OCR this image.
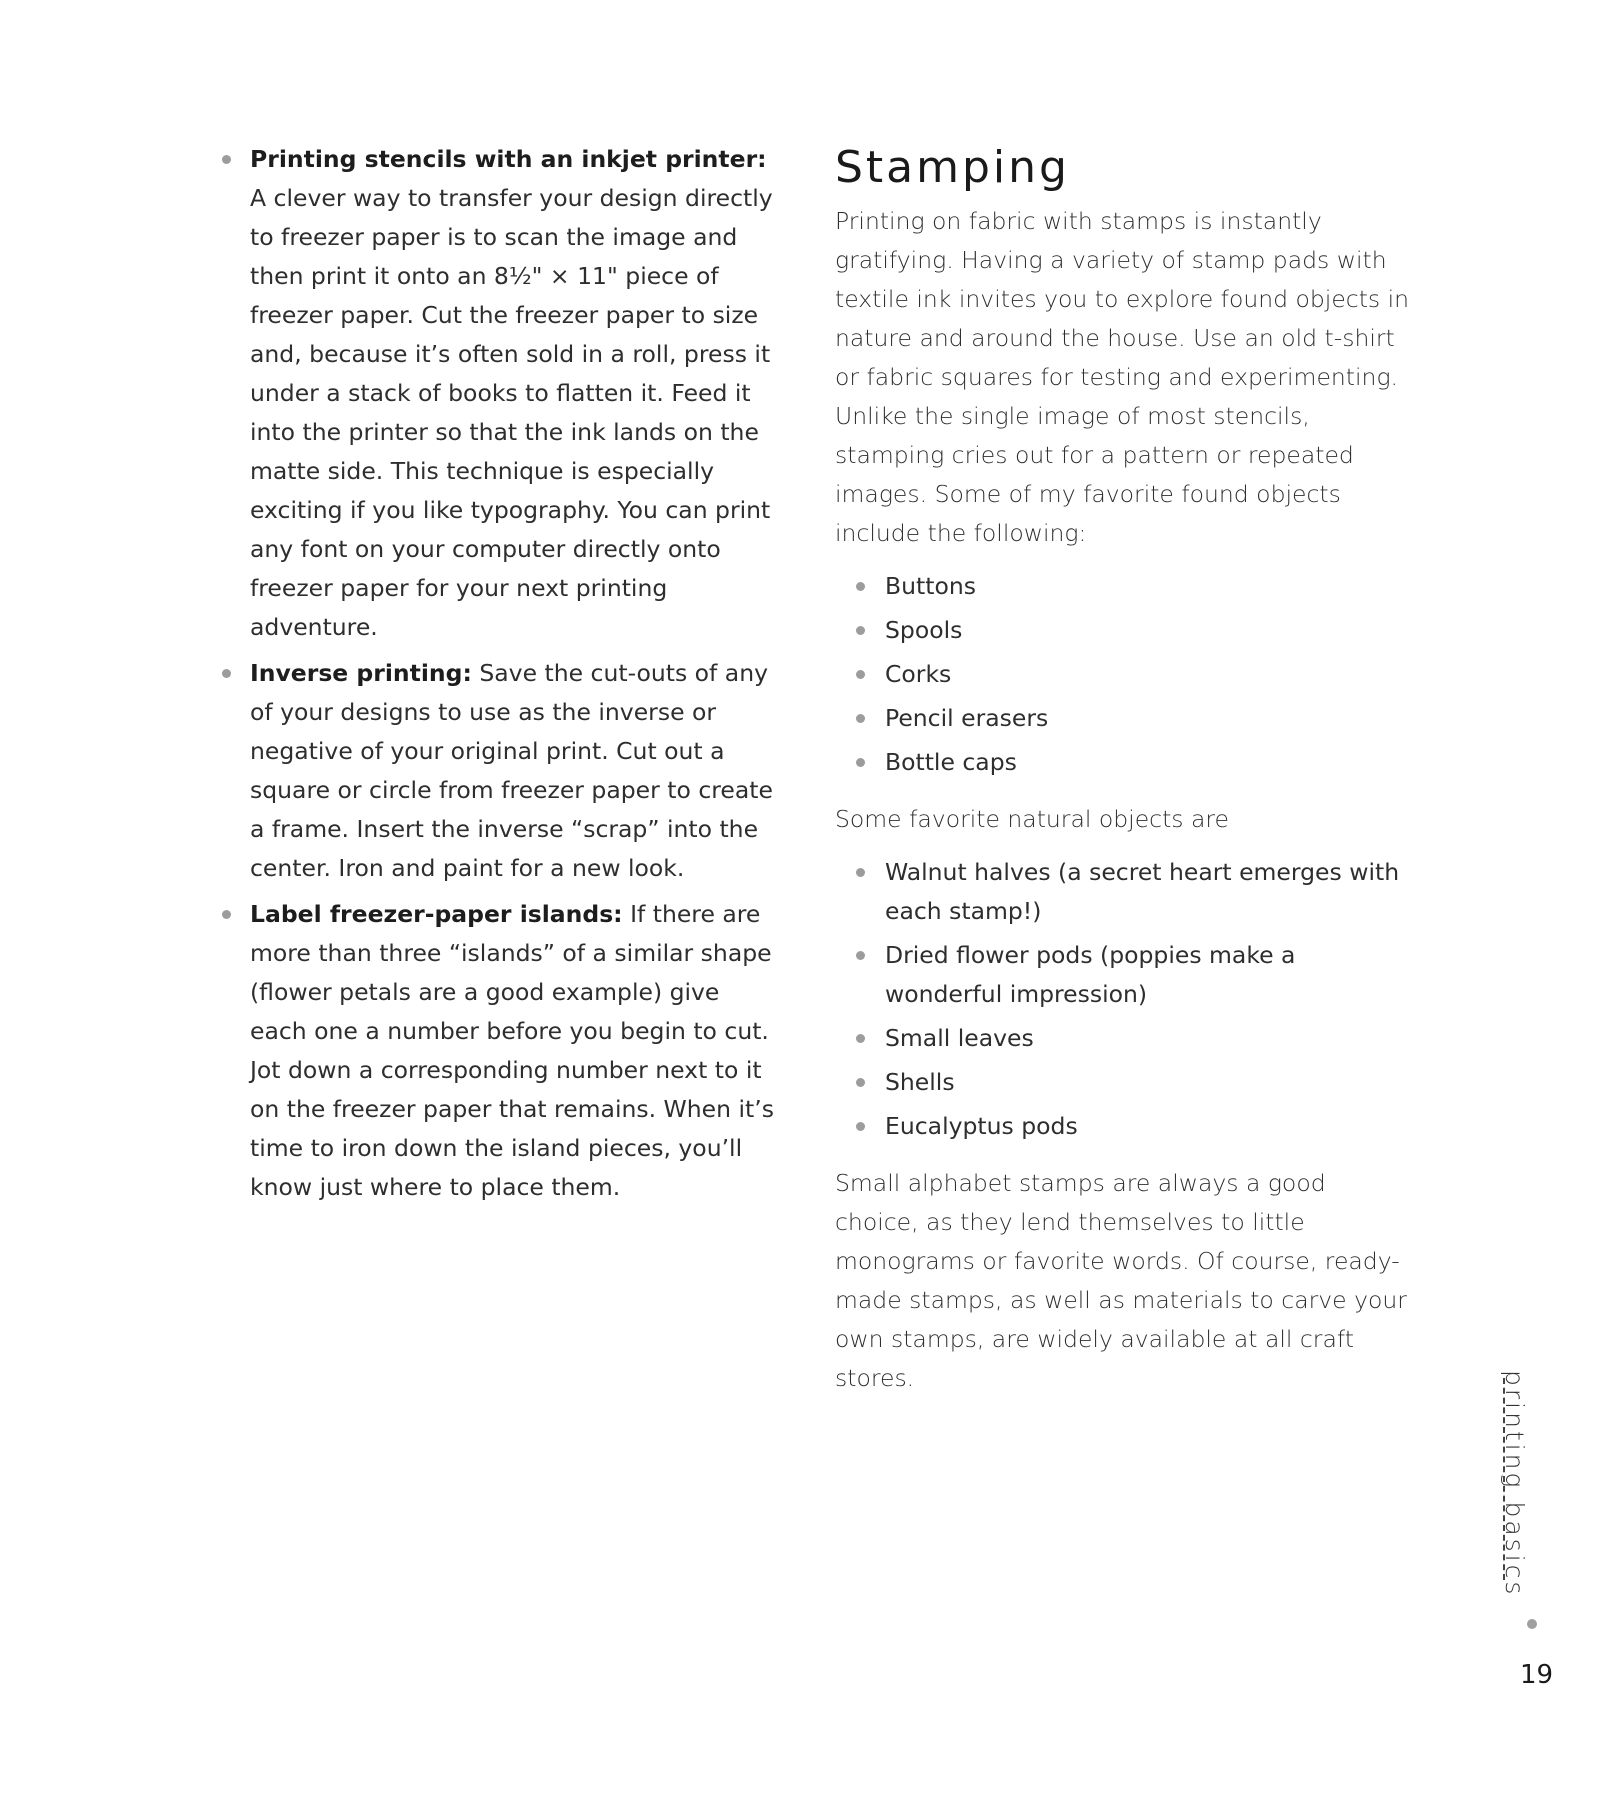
Printing stencils with an inkjet printer: A clever way to transfer your design directly to freezer paper is to scan the image and then print it onto an 8½" × 11" piece of freezer paper. Cut the freezer paper to size and, because it’s often sold in a roll, press it under a stack of books to flatten it. Feed it into the printer so that the ink lands on the matte side. This technique is especially exciting if you like typography. You can print any font on your computer directly onto freezer paper for your next printing adventure.
Inverse printing: Save the cut-outs of any of your designs to use as the inverse or negative of your original print. Cut out a square or circle from freezer paper to create a frame. Insert the inverse “scrap” into the center. Iron and paint for a new look.
Label freezer-paper islands: If there are more than three “islands” of a similar shape (flower petals are a good example) give each one a number before you begin to cut. Jot down a corresponding number next to it on the freezer paper that remains. When it’s time to iron down the island pieces, you’ll know just where to place them.
Stamping

Printing on fabric with stamps is instantly gratifying. Having a variety of stamp pads with textile ink invites you to explore found objects in nature and around the house. Use an old t-shirt or fabric squares for testing and experimenting. Unlike the single image of most stencils, stamping cries out for a pattern or repeated images. Some of my favorite found objects include the following:

Buttons
Spools
Corks
Pencil erasers
Bottle caps

Some favorite natural objects are

Walnut halves (a secret heart emerges with each stamp!)
Dried flower pods (poppies make a wonderful impression)
Small leaves
Shells
Eucalyptus pods

Small alphabet stamps are always a good choice, as they lend themselves to little monograms or favorite words. Of course, ready-made stamps, as well as materials to carve your own stamps, are widely available at all craft stores.	printing basics
19
